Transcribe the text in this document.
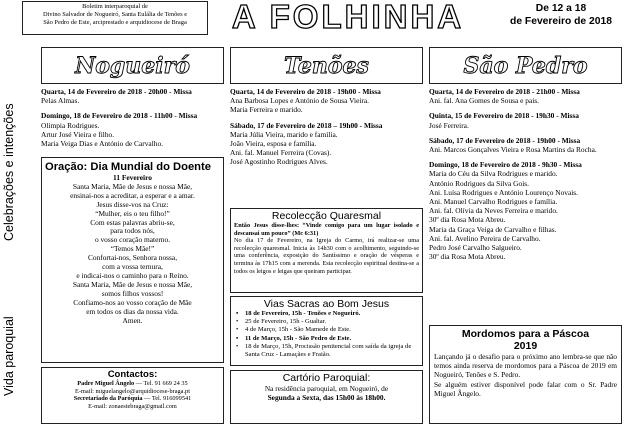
Boletim interparoquial de
Divino Salvador de Nogueiró, Santa Eulália de Tenões e
São Pedro de Este, arciprestado e arquidiocese de Braga	A FOLHINHA	De 12 a 18
de Fevereiro de 2018
Celebrações e intenções
Vida paroquial
Nogueiró	Tenões	São Pedro
Quarta, 14 de Fevereiro de 2018 - 20h00 - Missa
Pelas Almas.
Domingo, 18 de Fevereiro de 2018 - 11h00 - Missa
Olimpia Rodrigues.
Artur José Vieira e filho.
Maria Veiga Dias e António de Carvalho.
Quarta, 14 de Fevereiro de 2018 - 19h00 - Missa
Ana Barbosa Lopes e António de Sousa Vieira.
Maria Ferreira e marido.
Sábado, 17 de Fevereiro de 2018 – 19h00 - Missa
Maria Júlia Vieira, marido e família.
João Vieira, esposa e família.
Ani. fal. Manuel Ferreira (Covas).
José Agostinho Rodrigues Alves.
Quarta, 14 de Fevereiro de 2018 - 21h00 - Missa
Ani. fal. Ana Gomes de Sousa e pais.
Quinta, 15 de Fevereiro de 2018 - 19h30 - Missa
José Ferreira.
Sábado, 17 de Fevereiro de 2018 - 19h00 - Missa
Ani. Marcos Gonçalves Vieira e Rosa Martins da Rocha.
Domingo, 18 de Fevereiro de 2018 - 9h30 - Missa
Maria do Céu da Silva Rodrigues e marido.
António Rodrigues da Silva Gois.
Ani. Luísa Rodrigues e António Lourenço Novais.
Ani. Manuel Carvalho Rodrigues e família.
Ani. fal. Olívia da Neves Ferreira e marido.
30º dia Rosa Mota Abreu.
Maria da Graça Veiga de Carvalho e filhas.
Ani. fal. Avelino Pereira de Carvalho.
Pedro José Carvalho Salgueiro.
30º dia Rosa Mota Abreu.
Oração: Dia Mundial do Doente
11 Fevereiro
Santa Maria, Mãe de Jesus e nossa Mãe,
ensinai-nos a acreditar, a esperar e a amar.
Jesus disse-vos na Cruz:
“Mulher, eis o teu filho!”
Com estas palavras abriu-se,
para todos nós,
o vosso coração materno.
“Temos Mãe!”
Confortai-nos, Senhora nossa,
com a vossa ternura,
e indicai-nos o caminho para o Reino.
Santa Maria, Mãe de Jesus e nossa Mãe,
somos filhos vossos!
Confiamo-nos ao vosso coração de Mãe
em todos os dias da nossa vida.
Amen.
Contactos:
Padre Miguel Ângelo — Tel. 91 669 24 35
E-mail: miguelangelo@arquidiocese-braga.pt
Secretariado da Paróquia — Tel. 916099541
E-mail: zonaestebraga@gmail.com
Recolecção Quaresmal
Então Jesus disse-lhes: “Vinde comigo para um lugar isolado e descansai um pouco” (Mc 6:31)
No dia 17 de Fevereiro, na Igreja do Carmo, irá realizar-se uma recolecção quaresmal. Inicia às 14h30 com o acolhimento, seguindo-se uma conferência, exposição do Santíssimo e oração de vésperas e termina às 17h15 com a merenda. Esta recolecção espiritual destina-se a todos os leigos e leigas que queiram participar.
Vias Sacras ao Bom Jesus
• 18 de Fevereiro, 15h - Tenões e Nogueiró.
• 25 de Fevereiro, 15h - Gualtar.
• 4 de Março, 15h - São Mamede de Este.
• 11 de Março, 15h - São Pedro de Este.
• 18 de Março, 15h, Procissão penitencial com saída da igreja de Santa Cruz - Lamaçães e Fraião.
Cartório Paroquial:
Na residência paroquial, em Nogueiró, de
Segunda a Sexta, das 15h00 às 18h00.
Mordomos para a Páscoa
2019
Lançando já o desafio para o próximo ano lembra-se que não temos ainda reserva de mordomos para a Páscoa de 2019 em Nogueiró, Tenões e S. Pedro.
Se alguém estiver disponível pode falar com o Sr. Padre Miguel Ângelo.
